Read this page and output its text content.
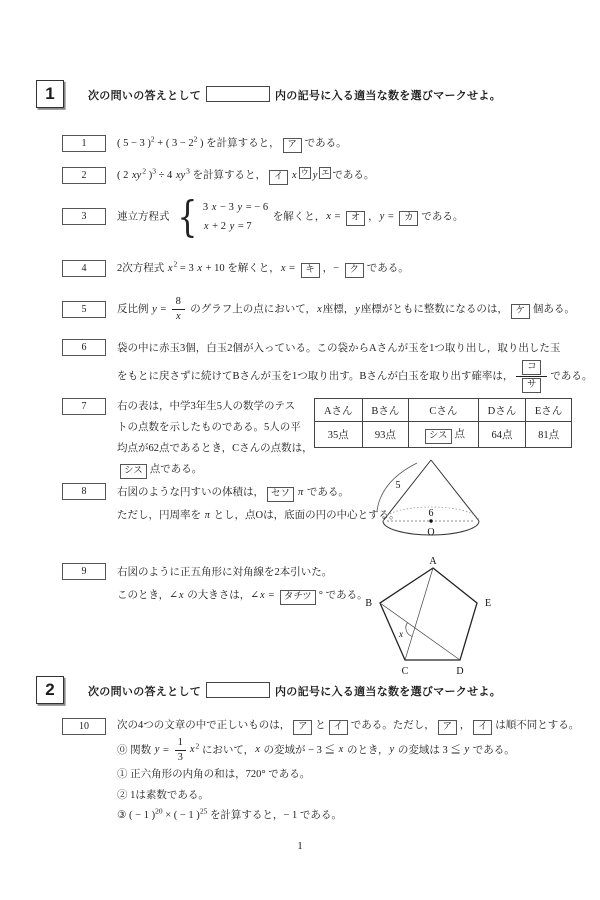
1	次の問いの答えとして	内の記号に入る適当な数を選びマークせよ。
1	( 5 − 3 )$^2$ + ( $3 - 2^2$ ) を計算すると， ア である。
2	( 2 $xy^2$ )$^3$ ÷ 4 $xy^3$ を計算すると， イ x $^ウ$ y $^エ$ である。
3	連立方程式 { 3 x − 3 y = − 6
x + 2 y = 7
を解くと，x = オ ，y = カ である。
4	2次方程式 $x^2 = 3$ x + 10 を解くと，x = キ ，− ク である。
5	反比例 $y = \frac{8}{x}$ のグラフ上の点において，x座標，y座標がともに整数になるのは， ケ 個ある。
6	袋の中に赤玉3個，白玉2個が入っている。この袋からAさんが玉を1つ取り出し，取り出した玉
をもとに戻さずに続けてBさんが玉を1つ取り出す。Bさんが白玉を取り出す確率は， $\frac{\text{コ}}{\text{サ}}$ である。
7	右の表は，中学3年生5人の数学のテス
トの点数を示したものである。5人の平
均点が62点であるとき，Cさんの点数は，
シス 点である。
8	右図のような円すいの体積は， セソ π である。
ただし，円周率を π とし，点Oは，底面の円の中心とする。
9	右図のように正五角形に対角線を2本引いた。
このとき，∠x の大きさは，∠x = タチツ ° である。
2	次の問いの答えとして	内の記号に入る適当な数を選びマークせよ。
10	次の4つの文章の中で正しいものは， ア と イ である。ただし， ア ， イ は順不同とする。
⓪ 関数 $y = \frac{1}{3} x^2$ において，x の変域が − 3 ≦ x のとき，y の変域は 3 ≦ y である。
① 正六角形の内角の和は，720° である。
② 1は素数である。
③ ( − 1 )$^{20}$ × ( − 1 )$^{25}$ を計算すると，− 1 である。
Aさん	Bさん	Cさん	Dさん	Eさん
35点	93点	シス 点	64点	81点
5
6
O
x
A
B	E
C	D
1
